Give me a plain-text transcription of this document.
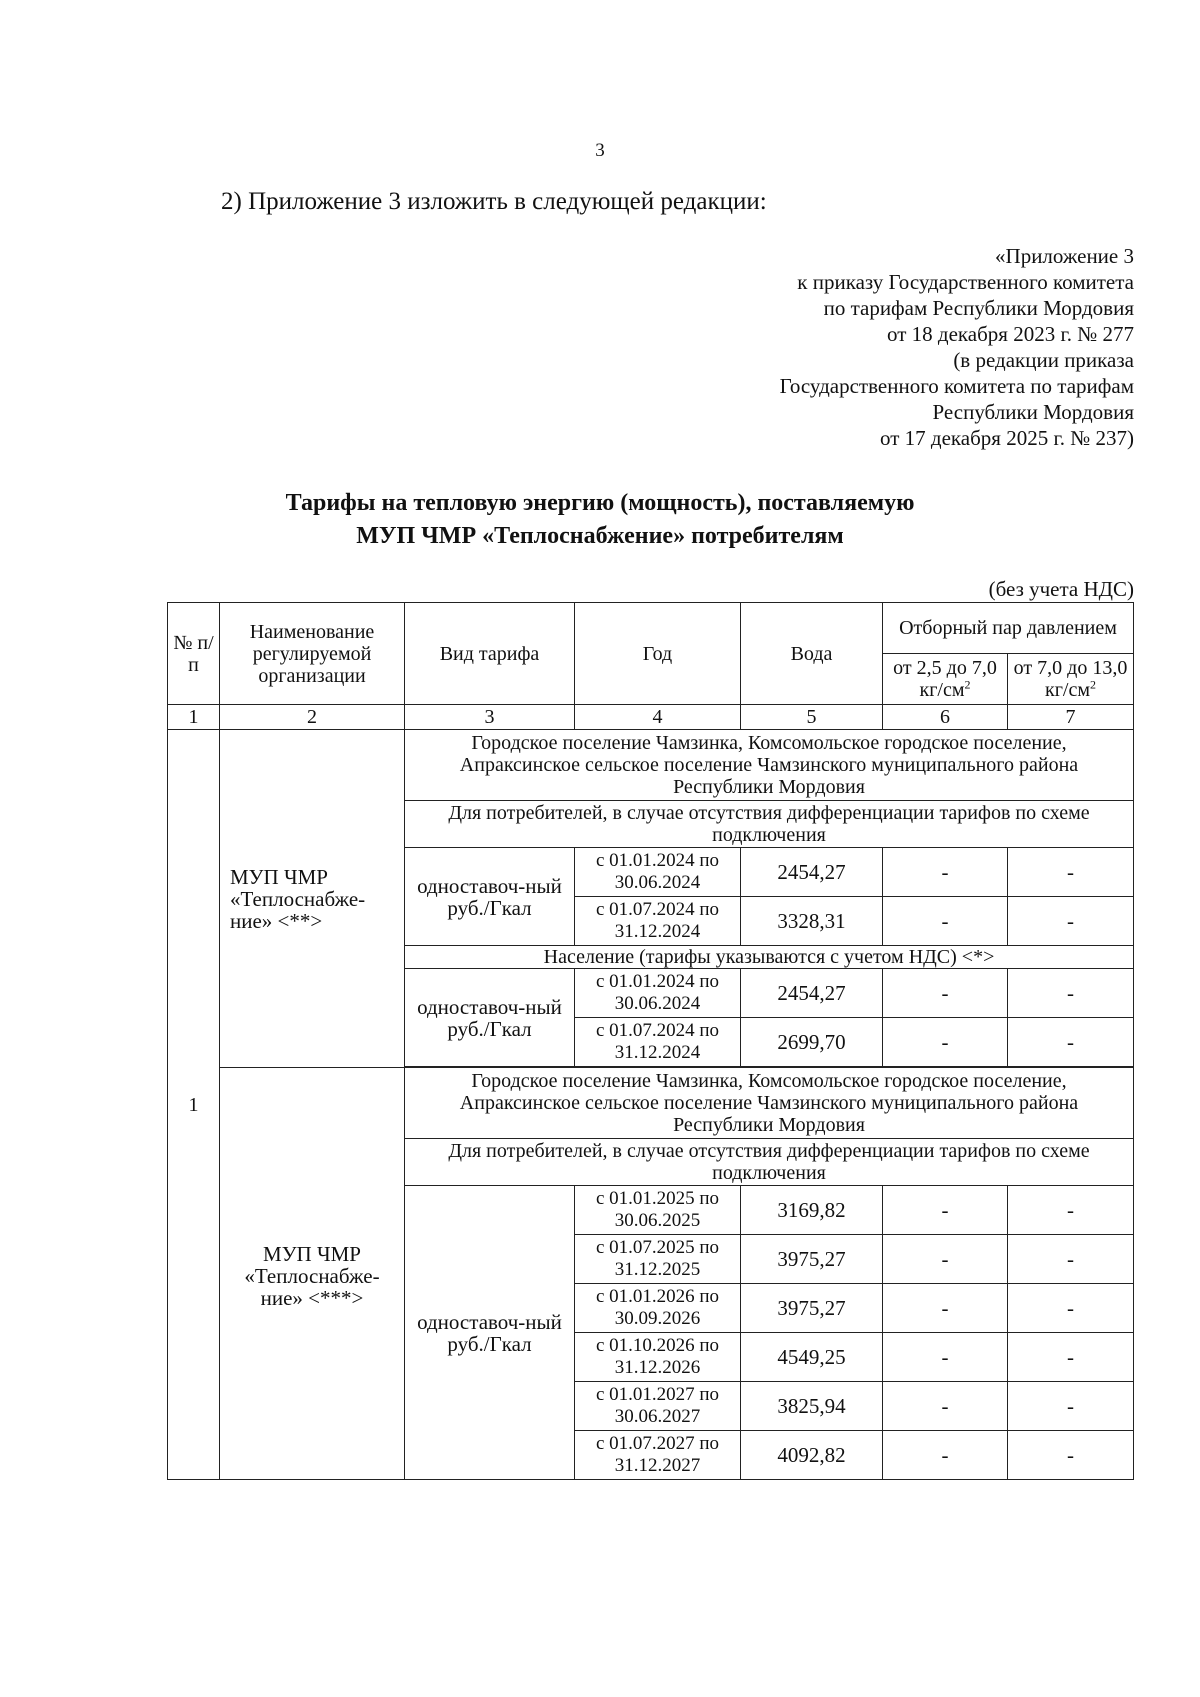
3
2) Приложение 3 изложить в следующей редакции:
«Приложение 3
к приказу Государственного комитета
по тарифам Республики Мордовия
от 18 декабря 2023 г. № 277
(в редакции приказа
Государственного комитета по тарифам
Республики Мордовия
от 17 декабря 2025 г. № 237)
Тарифы на тепловую энергию (мощность), поставляемую
МУП ЧМР «Теплоснабжение» потребителям
(без учета НДС)
№ п/п	Наименование регулируемой организации	Вид тарифа	Год	Вода	Отборный пар давлением	
					от 2,5 до 7,0 $кг/см^2$	от 7,0 до 13,0 $кг/см^2$
1	2	3	4	5	6	7
1	МУП ЧМР «Теплоснабже-ние» <**>	Городское поселение Чамзинка, Комсомольское городское поселение, Апраксинское сельское поселение Чамзинского муниципального района Республики Мордовия				
		Для потребителей, в случае отсутствия дифференциации тарифов по схеме подключения				
		одноставоч-ный руб./Гкал	с 01.01.2024 по 30.06.2024	2454,27	-	-
			с 01.07.2024 по 31.12.2024	3328,31	-	-
		Население (тарифы указываются с учетом НДС) <*>				
		одноставоч-ный руб./Гкал	с 01.01.2024 по 30.06.2024	2454,27	-	-
			с 01.07.2024 по 31.12.2024	2699,70	-	-

	МУП ЧМР «Теплоснабже-ние» <***>	Городское поселение Чамзинка, Комсомольское городское поселение, Апраксинское сельское поселение Чамзинского муниципального района Республики Мордовия				
		Для потребителей, в случае отсутствия дифференциации тарифов по схеме подключения				
		одноставоч-ный руб./Гкал	с 01.01.2025 по 30.06.2025	3169,82	-	-
			с 01.07.2025 по 31.12.2025	3975,27	-	-
			с 01.01.2026 по 30.09.2026	3975,27	-	-
			с 01.10.2026 по 31.12.2026	4549,25	-	-
			с 01.01.2027 по 30.06.2027	3825,94	-	-
			с 01.07.2027 по 31.12.2027	4092,82	-	-
